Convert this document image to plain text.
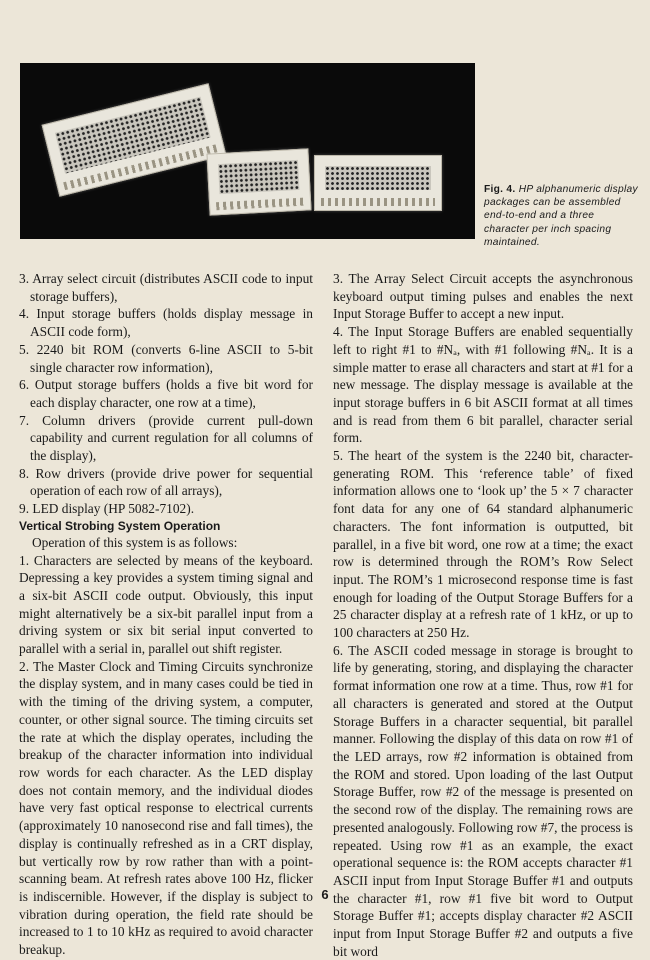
Fig. 4. HP alphanumeric display packages can be assembled end-to-end and a three character per inch spacing maintained.

3. Array select circuit (distributes ASCII code to input storage buffers),

4. Input storage buffers (holds display message in ASCII code form),

5. 2240 bit ROM (converts 6-line ASCII to 5-bit single character row information),

6. Output storage buffers (holds a five bit word for each display character, one row at a time),

7. Column drivers (provide current pull-down capability and current regulation for all columns of the display),

8. Row drivers (provide drive power for sequential operation of each row of all arrays),

9. LED display (HP 5082-7102).

Vertical Strobing System Operation

Operation of this system is as follows:

1. Characters are selected by means of the keyboard. Depressing a key provides a system timing signal and a six-bit ASCII code output. Obviously, this input might alternatively be a six-bit parallel input from a driving system or six bit serial input converted to parallel with a serial in, parallel out shift register.

2. The Master Clock and Timing Circuits synchronize the display system, and in many cases could be tied in with the timing of the driving system, a computer, counter, or other signal source. The timing circuits set the rate at which the display operates, including the breakup of the character information into individual row words for each character. As the LED display does not contain memory, and the individual diodes have very fast optical response to electrical currents (approximately 10 nanosecond rise and fall times), the display is continually refreshed as in a CRT display, but vertically row by row rather than with a point-scanning beam. At refresh rates above 100 Hz, flicker is indiscernible. However, if the display is subject to vibration during operation, the field rate should be increased to 1 to 10 kHz as required to avoid character breakup.

3. The Array Select Circuit accepts the asynchronous keyboard output timing pulses and enables the next Input Storage Buffer to accept a new input.

4. The Input Storage Buffers are enabled sequentially left to right #1 to #Nₐ, with #1 following #Nₐ. It is a simple matter to erase all characters and start at #1 for a new message. The display message is available at the input storage buffers in 6 bit ASCII format at all times and is read from them 6 bit parallel, character serial form.

5. The heart of the system is the 2240 bit, character-generating ROM. This ‘reference table’ of fixed information allows one to ‘look up’ the 5 × 7 character font data for any one of 64 standard alphanumeric characters. The font information is outputted, bit parallel, in a five bit word, one row at a time; the exact row is determined through the ROM’s Row Select input. The ROM’s 1 microsecond response time is fast enough for loading of the Output Storage Buffers for a 25 character display at a refresh rate of 1 kHz, or up to 100 characters at 250 Hz.

6. The ASCII coded message in storage is brought to life by generating, storing, and displaying the character format information one row at a time. Thus, row #1 for all characters is generated and stored at the Output Storage Buffers in a character sequential, bit parallel manner. Following the display of this data on row #1 of the LED arrays, row #2 information is obtained from the ROM and stored. Upon loading of the last Output Storage Buffer, row #2 of the message is presented on the second row of the display. The remaining rows are presented analogously. Following row #7, the process is repeated. Using row #1 as an example, the exact operational sequence is: the ROM accepts character #1 ASCII input from Input Storage Buffer #1 and outputs the character #1, row #1 five bit word to Output Storage Buffer #1; accepts display character #2 ASCII input from Input Storage Buffer #2 and outputs a five bit word

6
